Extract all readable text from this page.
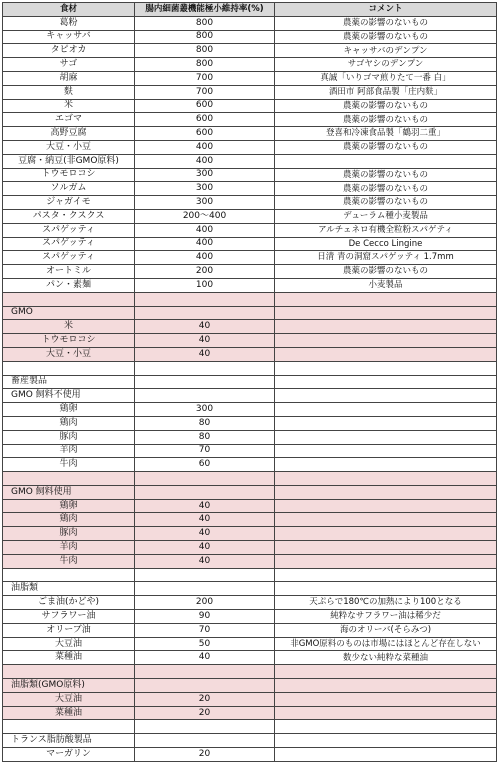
食材	腸内細菌叢機能極小維持率(%)	コメント
葛粉	800	農薬の影響のないもの
キャッサバ	800	農薬の影響のないもの
タピオカ	800	キャッサバのデンプン
サゴ	800	サゴヤシのデンプン
胡麻	700	真誠「いりゴマ煎りたて一番 白」
麩	700	酒田市 阿部食品製「庄内麩」
米	600	農薬の影響のないもの
エゴマ	600	農薬の影響のないもの
高野豆腐	600	登喜和冷凍食品製「鶴羽二重」
大豆・小豆	400	農薬の影響のないもの
豆腐・納豆(非GMO原料)	400	
トウモロコシ	300	農薬の影響のないもの
ソルガム	300	農薬の影響のないもの
ジャガイモ	300	農薬の影響のないもの
パスタ・クスクス	200～400	デューラム種小麦製品
スパゲッティ	400	アルチェネロ有機全粒粉スパゲティ
スパゲッティ	400	De Cecco Lingine
スパゲッティ	400	日清 青の洞窟スパゲッティ 1.7mm
オートミル	200	農薬の影響のないもの
パン・素麺	100	小麦製品

GMO		
米	40	
トウモロコシ	40	
大豆・小豆	40	

畜産製品		
GMO 飼料不使用		
鶏卵	300	
鶏肉	80	
豚肉	80	
羊肉	70	
牛肉	60	

GMO 飼料使用		
鶏卵	40	
鶏肉	40	
豚肉	40	
羊肉	40	
牛肉	40	

油脂類		
ごま油(かどや)	200	天ぷらで180℃の加熱により100となる
サフラワー油	90	純粋なサフラワー油は稀少だ
オリーブ油	70	海のオリーバ(そらみつ)
大豆油	50	非GMO原料のものは市場にはほとんど存在しない
菜種油	40	数少ない純粋な菜種油

油脂類(GMO原料)		
大豆油	20	
菜種油	20	

トランス脂肪酸製品		
マーガリン	20	
